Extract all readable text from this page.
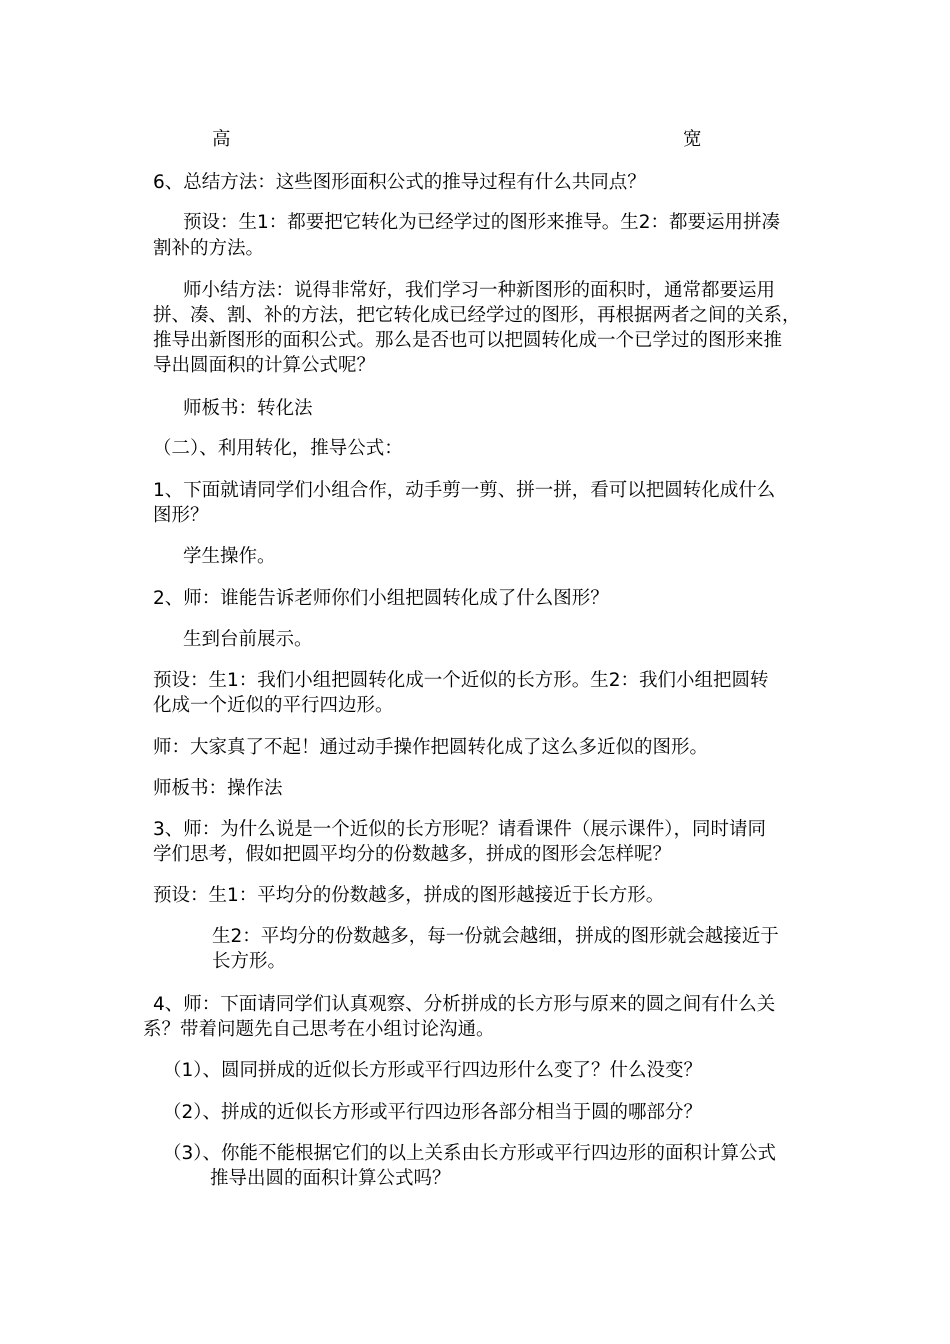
高	宽
6、总结方法：这些图形面积公式的推导过程有什么共同点？
预设：生1：都要把它转化为已经学过的图形来推导。生2：都要运用拼凑
割补的方法。
师小结方法：说得非常好，我们学习一种新图形的面积时，通常都要运用
拼、凑、割、补的方法，把它转化成已经学过的图形，再根据两者之间的关系，
推导出新图形的面积公式。那么是否也可以把圆转化成一个已学过的图形来推
导出圆面积的计算公式呢？
师板书：转化法
（二）、利用转化，推导公式：
1、下面就请同学们小组合作，动手剪一剪、拼一拼，看可以把圆转化成什么
图形？
学生操作。
2、师：谁能告诉老师你们小组把圆转化成了什么图形？
生到台前展示。
预设：生1：我们小组把圆转化成一个近似的长方形。生2：我们小组把圆转
化成一个近似的平行四边形。
师：大家真了不起！通过动手操作把圆转化成了这么多近似的图形。
师板书：操作法
3、师：为什么说是一个近似的长方形呢？请看课件（展示课件），同时请同
学们思考，假如把圆平均分的份数越多，拼成的图形会怎样呢？
预设：生1：平均分的份数越多，拼成的图形越接近于长方形。
生2：平均分的份数越多，每一份就会越细，拼成的图形就会越接近于
长方形。
4、师：下面请同学们认真观察、分析拼成的长方形与原来的圆之间有什么关
系？带着问题先自己思考在小组讨论沟通。
（1）、圆同拼成的近似长方形或平行四边形什么变了？什么没变？
（2）、拼成的近似长方形或平行四边形各部分相当于圆的哪部分？
（3）、你能不能根据它们的以上关系由长方形或平行四边形的面积计算公式
推导出圆的面积计算公式吗？
